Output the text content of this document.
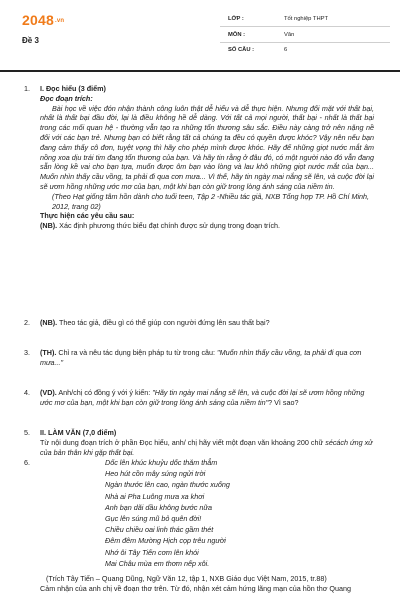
2048.vn
Đề 3
LỚP :	Tốt nghiệp THPT
MÔN :	Văn
SỐ CÂU :	6
1.	I. Đọc hiểu (3 điểm)

Đọc đoạn trích:

Bài học về việc đón nhận thành công luôn thật dễ hiểu và dễ thực hiện. Nhưng đối mặt với thất bại, nhất là thất bại đầu đời, lại là điều không hề dễ dàng. Với tất cả mọi người, thất bại - nhất là thất bại trong các mối quan hệ - thường vẫn tạo ra những tổn thương sâu sắc. Điều này càng trở nên nặng nề đối với các bạn trẻ. Nhưng bạn có biết rằng tất cả chúng ta đều có quyền được khóc? Vậy nên nếu bạn đang cảm thấy cô đơn, tuyệt vọng thì hãy cho phép mình được khóc. Hãy để những giọt nước mắt âm nồng xoa dịu trái tim đang tổn thương của bạn. Và hãy tin rằng ở đâu đó, có một người nào đó vẫn đang sẵn lòng kề vai cho bạn tựa, muốn được ôm bạn vào lòng và lau khô những giọt nước mắt của bạn... Muốn nhìn thấy cầu vồng, ta phải đi qua cơn mưa... Vì thế, hãy tin ngày mai nắng sẽ lên, và cuộc đời lại sẽ ươm hồng những ước mơ của bạn, một khi bạn còn giữ trong lòng ánh sáng của niềm tin.

(Theo Hạt giống tâm hồn dành cho tuổi teen, Tập 2 -Nhiều tác giả, NXB Tổng hợp TP. Hồ Chí Minh, 2012, trang 02)

Thực hiện các yêu cầu sau:

(NB). Xác định phương thức biểu đạt chính được sử dụng trong đoạn trích.

2.	(NB). Theo tác giả, điều gì có thể giúp con người đứng lên sau thất bại?

3.	(TH). Chỉ ra và nêu tác dụng biện pháp tu từ trong câu: "Muốn nhìn thấy cầu vồng, ta phải đi qua cơn mưa..."

4.	(VD). Anh/chị có đồng ý với ý kiến: "Hãy tin ngày mai nắng sẽ lên, và cuộc đời lại sẽ ươm hồng những ước mơ của bạn, một khi bạn còn giữ trong lòng ánh sáng của niềm tin"? Vì sao?

5.	II. LÀM VĂN (7,0 điểm)

Từ nội dung đoạn trích ở phần Đọc hiểu, anh/ chị hãy viết một đoạn văn khoảng 200 chữ sécách ứng xử của bản thân khi gặp thất bại.

6.	Dốc lên khúc khuỷu dốc thăm thẳm
Heo hút cồn mây súng ngửi trời
Ngàn thước lên cao, ngàn thước xuống
Nhà ai Pha Luông mưa xa khơi
Anh bạn dãi dầu không bước nữa
Gục lên súng mũ bỏ quên đời!
Chiều chiều oai linh thác gầm thét
Đêm đêm Mường Hịch cọp trêu người
Nhớ ôi Tây Tiến cơm lên khói
Mai Châu mùa em thơm nếp xôi.

(Trích Tây Tiến – Quang Dũng, Ngữ Văn 12, tập 1, NXB Giáo dục Việt Nam, 2015, tr.88)

Cảm nhận của anh chị về đoạn thơ trên. Từ đó, nhận xét cảm hứng lãng mạn của hồn thơ Quang
